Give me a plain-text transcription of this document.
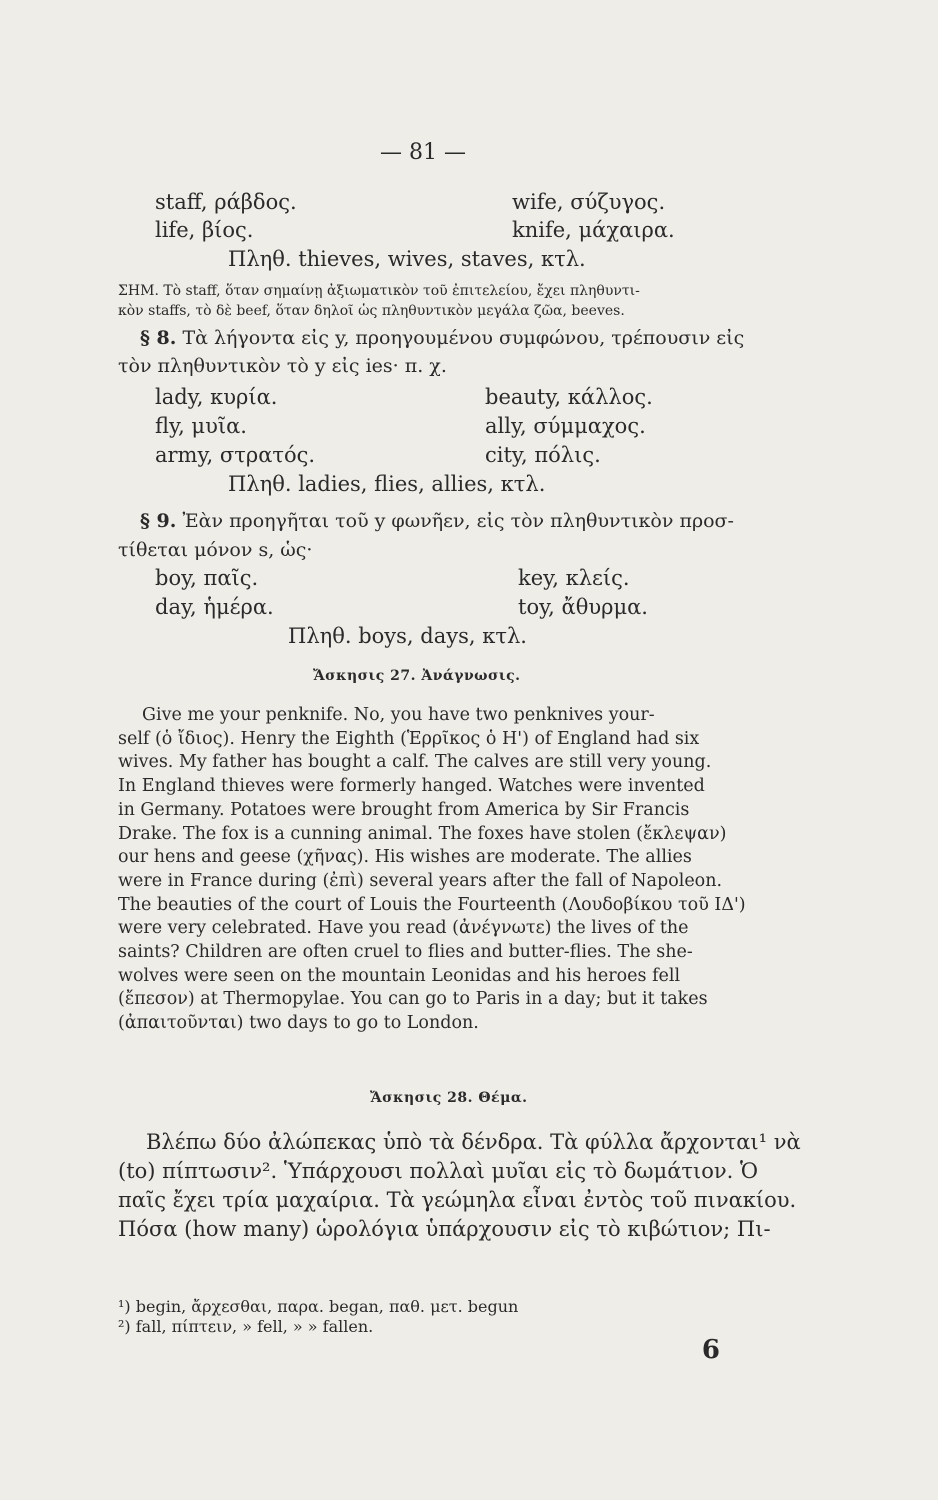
— 81 —
staff, ράβδος.	wife, σύζυγος.
life, βίος.	knife, μάχαιρα.
Πληθ. thieves, wives, staves, κτλ.
ΣΗΜ. Τὸ staff, ὅταν σημαίνῃ ἀξιωματικὸν τοῦ ἐπιτελείου, ἔχει πληθυντι-
κὸν staffs, τὸ δὲ beef, ὅταν δηλοῖ ὡς πληθυντικὸν μεγάλα ζῶα, beeves.
§ 8. Τὰ λήγοντα εἰς y, προηγουμένου συμφώνου, τρέπουσιν εἰς
τὸν πληθυντικὸν τὸ y εἰς ies· π. χ.
lady, κυρία.	beauty, κάλλος.
fly, μυῖα.	ally, σύμμαχος.
army, στρατός.	city, πόλις.
Πληθ. ladies, flies, allies, κτλ.
§ 9. Ἐὰν προηγῆται τοῦ y φωνῆεν, εἰς τὸν πληθυντικὸν προσ-
τίθεται μόνον s, ὡς·
boy, παῖς.	key, κλείς.
day, ἡμέρα.	toy, ἄθυρμα.
Πληθ. boys, days, κτλ.
Ἄσκησις 27. Ἀνάγνωσις.

Give me your penknife. No, you have two penknives your-

self (ὁ ἴδιος). Henry the Eighth (Ἑρρῖκος ὁ Η') of England had six

wives. My father has bought a calf. The calves are still very young.

In England thieves were formerly hanged. Watches were invented

in Germany. Potatoes were brought from America by Sir Francis

Drake. The fox is a cunning animal. The foxes have stolen (ἔκλεψαν)

our hens and geese (χῆνας). His wishes are moderate. The allies

were in France during (ἐπὶ) several years after the fall of Napoleon.

The beauties of the court of Louis the Fourteenth (Λουδοβίκου τοῦ ΙΔ')

were very celebrated. Have you read (ἀνέγνωτε) the lives of the

saints? Children are often cruel to flies and butter-flies. The she-

wolves were seen on the mountain Leonidas and his heroes fell

(ἔπεσον) at Thermopylae. You can go to Paris in a day; but it takes

(ἀπαιτοῦνται) two days to go to London.

Ἄσκησις 28. Θέμα.

Βλέπω δύο ἀλώπεκας ὑπὸ τὰ δένδρα. Τὰ φύλλα ἄρχονται¹ νὰ

(to) πίπτωσιν². Ὑπάρχουσι πολλαὶ μυῖαι εἰς τὸ δωμάτιον. Ὁ

παῖς ἔχει τρία μαχαίρια. Τὰ γεώμηλα εἶναι ἐντὸς τοῦ πινακίου.

Πόσα (how many) ὡρολόγια ὑπάρχουσιν εἰς τὸ κιβώτιον; Πι-

¹) begin, ἄρχεσθαι, παρα. began, παθ. μετ. begun

²) fall, πίπτειν, » fell, » » fallen.

6
